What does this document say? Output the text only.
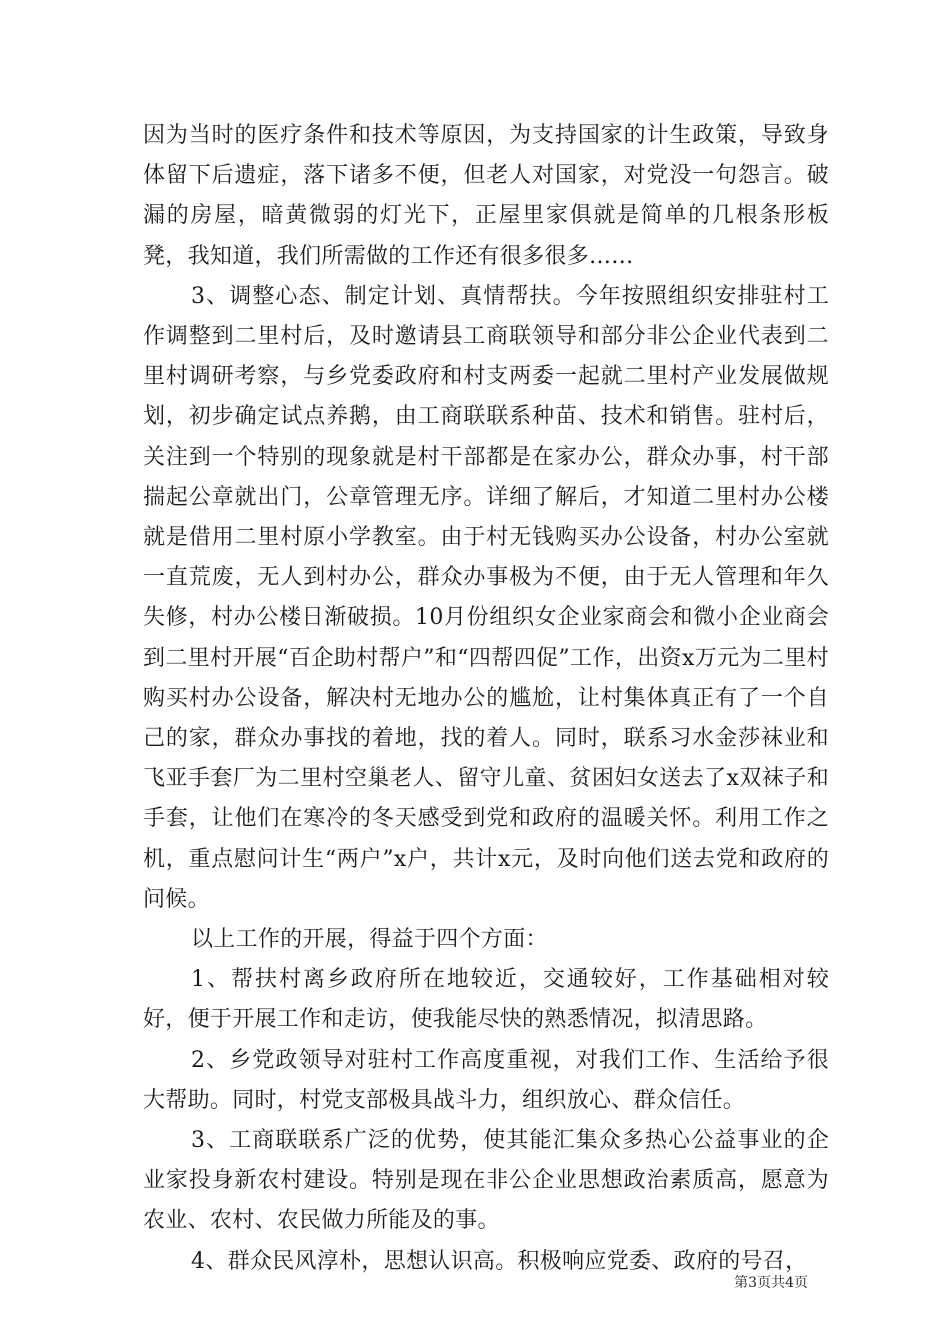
因为当时的医疗条件和技术等原因，为支持国家的计生政策，导致身体留下后遗症，落下诸多不便，但老人对国家，对党没一句怨言。破漏的房屋，暗黄微弱的灯光下，正屋里家俱就是简单的几根条形板凳，我知道，我们所需做的工作还有很多很多……

3、调整心态、制定计划、真情帮扶。今年按照组织安排驻村工作调整到二里村后，及时邀请县工商联领导和部分非公企业代表到二里村调研考察，与乡党委政府和村支两委一起就二里村产业发展做规划，初步确定试点养鹅，由工商联联系种苗、技术和销售。驻村后，关注到一个特别的现象就是村干部都是在家办公，群众办事，村干部揣起公章就出门，公章管理无序。详细了解后，才知道二里村办公楼就是借用二里村原小学教室。由于村无钱购买办公设备，村办公室就一直荒废，无人到村办公，群众办事极为不便，由于无人管理和年久失修，村办公楼日渐破损。10月份组织女企业家商会和微小企业商会到二里村开展“百企助村帮户”和“四帮四促”工作，出资x万元为二里村购买村办公设备，解决村无地办公的尴尬，让村集体真正有了一个自己的家，群众办事找的着地，找的着人。同时，联系习水金莎袜业和飞亚手套厂为二里村空巢老人、留守儿童、贫困妇女送去了x双袜子和手套，让他们在寒冷的冬天感受到党和政府的温暖关怀。利用工作之机，重点慰问计生“两户”x户，共计x元，及时向他们送去党和政府的问候。

以上工作的开展，得益于四个方面：

1、帮扶村离乡政府所在地较近，交通较好，工作基础相对较好，便于开展工作和走访，使我能尽快的熟悉情况，拟清思路。

2、乡党政领导对驻村工作高度重视，对我们工作、生活给予很大帮助。同时，村党支部极具战斗力，组织放心、群众信任。

3、工商联联系广泛的优势，使其能汇集众多热心公益事业的企业家投身新农村建设。特别是现在非公企业思想政治素质高，愿意为农业、农村、农民做力所能及的事。

4、群众民风淳朴，思想认识高。积极响应党委、政府的号召，

第3页共4页
